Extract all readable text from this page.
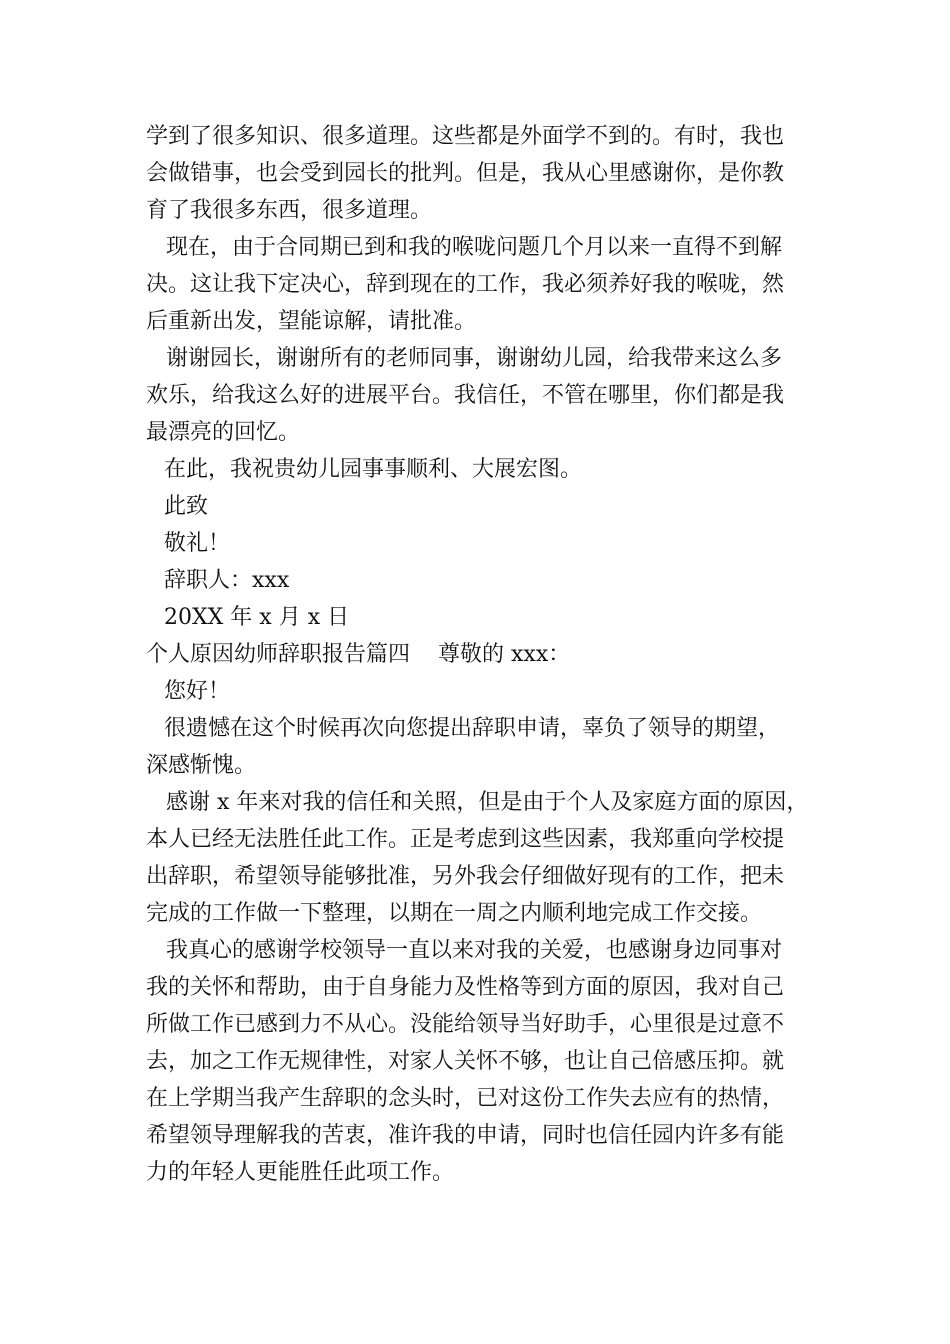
学到了很多知识、很多道理。这些都是外面学不到的。有时，我也
会做错事，也会受到园长的批判。但是，我从心里感谢你，是你教
育了我很多东西，很多道理。
现在，由于合同期已到和我的喉咙问题几个月以来一直得不到解
决。这让我下定决心，辞到现在的工作，我必须养好我的喉咙，然
后重新出发，望能谅解，请批准。
谢谢园长，谢谢所有的老师同事，谢谢幼儿园，给我带来这么多
欢乐，给我这么好的进展平台。我信任，不管在哪里，你们都是我
最漂亮的回忆。
在此，我祝贵幼儿园事事顺利、大展宏图。
此致
敬礼！
辞职人：xxx
20XX 年 x 月 x 日
个人原因幼师辞职报告篇四 尊敬的 xxx：
您好！
很遗憾在这个时候再次向您提出辞职申请，辜负了领导的期望，
深感惭愧。
感谢 x 年来对我的信任和关照，但是由于个人及家庭方面的原因，
本人已经无法胜任此工作。正是考虑到这些因素，我郑重向学校提
出辞职，希望领导能够批准，另外我会仔细做好现有的工作，把未
完成的工作做一下整理，以期在一周之内顺利地完成工作交接。
我真心的感谢学校领导一直以来对我的关爱，也感谢身边同事对
我的关怀和帮助，由于自身能力及性格等到方面的原因，我对自己
所做工作已感到力不从心。没能给领导当好助手，心里很是过意不
去，加之工作无规律性，对家人关怀不够，也让自己倍感压抑。就
在上学期当我产生辞职的念头时，已对这份工作失去应有的热情，
希望领导理解我的苦衷，准许我的申请，同时也信任园内许多有能
力的年轻人更能胜任此项工作。
